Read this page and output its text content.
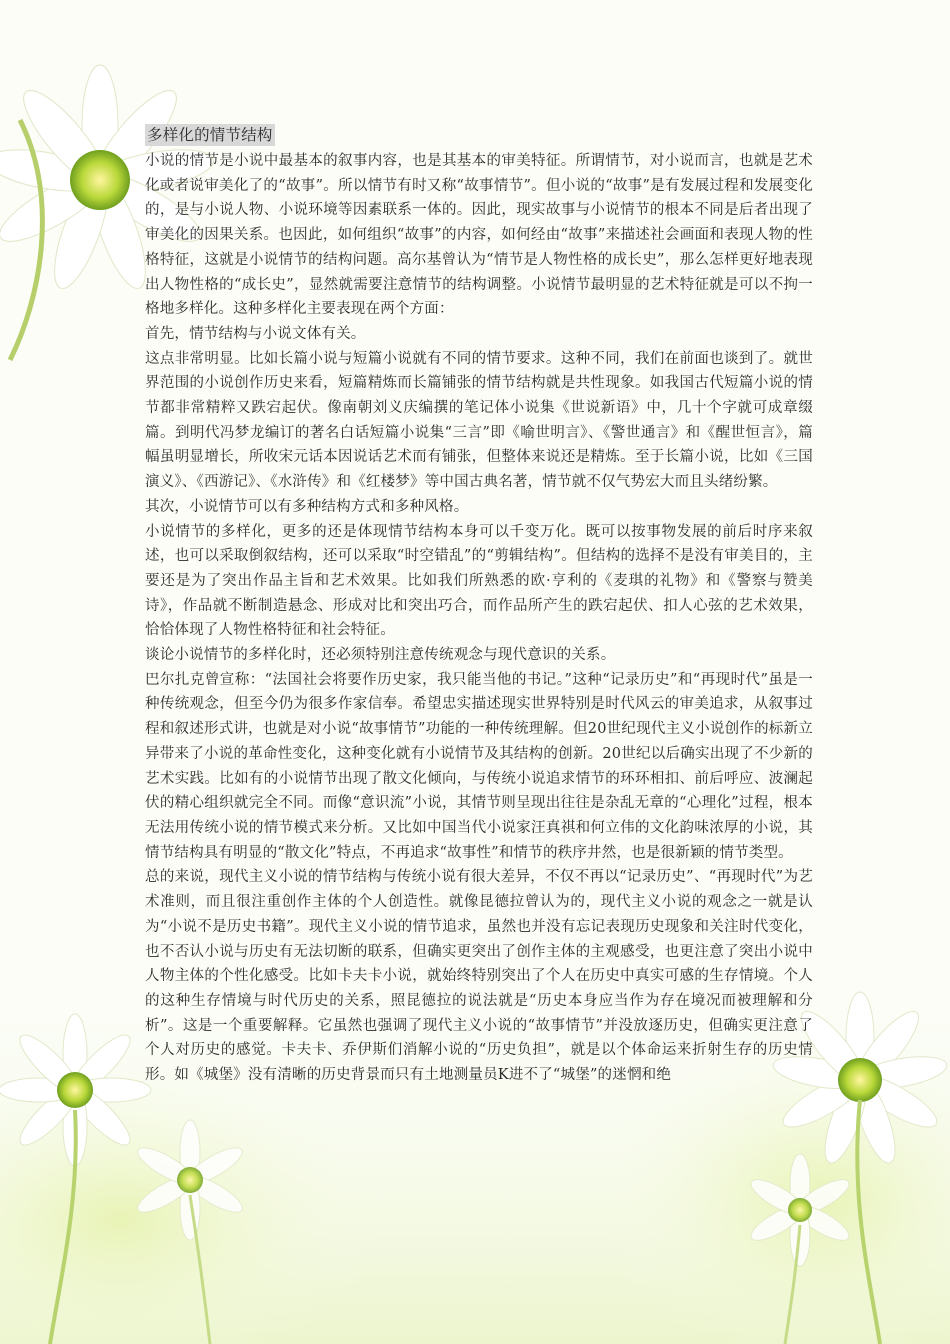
多样化的情节结构

小说的情节是小说中最基本的叙事内容，也是其基本的审美特征。所谓情节，对小说而言，也就是艺术化或者说审美化了的“故事”。所以情节有时又称“故事情节”。但小说的“故事”是有发展过程和发展变化的，是与小说人物、小说环境等因素联系一体的。因此，现实故事与小说情节的根本不同是后者出现了审美化的因果关系。也因此，如何组织“故事”的内容，如何经由“故事”来描述社会画面和表现人物的性格特征，这就是小说情节的结构问题。高尔基曾认为“情节是人物性格的成长史”，那么怎样更好地表现出人物性格的“成长史”，显然就需要注意情节的结构调整。小说情节最明显的艺术特征就是可以不拘一格地多样化。这种多样化主要表现在两个方面：

首先，情节结构与小说文体有关。

这点非常明显。比如长篇小说与短篇小说就有不同的情节要求。这种不同，我们在前面也谈到了。就世界范围的小说创作历史来看，短篇精炼而长篇铺张的情节结构就是共性现象。如我国古代短篇小说的情节都非常精粹又跌宕起伏。像南朝刘义庆编撰的笔记体小说集《世说新语》中，几十个字就可成章缀篇。到明代冯梦龙编订的著名白话短篇小说集“三言”即《喻世明言》、《警世通言》和《醒世恒言》，篇幅虽明显增长，所收宋元话本因说话艺术而有铺张，但整体来说还是精炼。至于长篇小说，比如《三国演义》、《西游记》、《水浒传》和《红楼梦》等中国古典名著，情节就不仅气势宏大而且头绪纷繁。

其次，小说情节可以有多种结构方式和多种风格。

小说情节的多样化，更多的还是体现情节结构本身可以千变万化。既可以按事物发展的前后时序来叙述，也可以采取倒叙结构，还可以采取“时空错乱”的“剪辑结构”。但结构的选择不是没有审美目的，主要还是为了突出作品主旨和艺术效果。比如我们所熟悉的欧·亨利的《麦琪的礼物》和《警察与赞美诗》，作品就不断制造悬念、形成对比和突出巧合，而作品所产生的跌宕起伏、扣人心弦的艺术效果，恰恰体现了人物性格特征和社会特征。

谈论小说情节的多样化时，还必须特别注意传统观念与现代意识的关系。

巴尔扎克曾宣称：“法国社会将要作历史家，我只能当他的书记。”这种“记录历史”和“再现时代”虽是一种传统观念，但至今仍为很多作家信奉。希望忠实描述现实世界特别是时代风云的审美追求，从叙事过程和叙述形式讲，也就是对小说“故事情节”功能的一种传统理解。但20世纪现代主义小说创作的标新立异带来了小说的革命性变化，这种变化就有小说情节及其结构的创新。20世纪以后确实出现了不少新的艺术实践。比如有的小说情节出现了散文化倾向，与传统小说追求情节的环环相扣、前后呼应、波澜起伏的精心组织就完全不同。而像“意识流”小说，其情节则呈现出往往是杂乱无章的“心理化”过程，根本无法用传统小说的情节模式来分析。又比如中国当代小说家汪真祺和何立伟的文化韵味浓厚的小说，其情节结构具有明显的“散文化”特点，不再追求“故事性”和情节的秩序井然，也是很新颖的情节类型。

总的来说，现代主义小说的情节结构与传统小说有很大差异，不仅不再以“记录历史”、“再现时代”为艺术准则，而且很注重创作主体的个人创造性。就像昆德拉曾认为的，现代主义小说的观念之一就是认为“小说不是历史书籍”。现代主义小说的情节追求，虽然也并没有忘记表现历史现象和关注时代变化，也不否认小说与历史有无法切断的联系，但确实更突出了创作主体的主观感受，也更注意了突出小说中人物主体的个性化感受。比如卡夫卡小说，就始终特别突出了个人在历史中真实可感的生存情境。个人的这种生存情境与时代历史的关系，照昆德拉的说法就是“历史本身应当作为存在境况而被理解和分析”。这是一个重要解释。它虽然也强调了现代主义小说的“故事情节”并没放逐历史，但确实更注意了个人对历史的感觉。卡夫卡、乔伊斯们消解小说的“历史负担”，就是以个体命运来折射生存的历史情形。如《城堡》没有清晰的历史背景而只有土地测量员K进不了“城堡”的迷惘和绝
